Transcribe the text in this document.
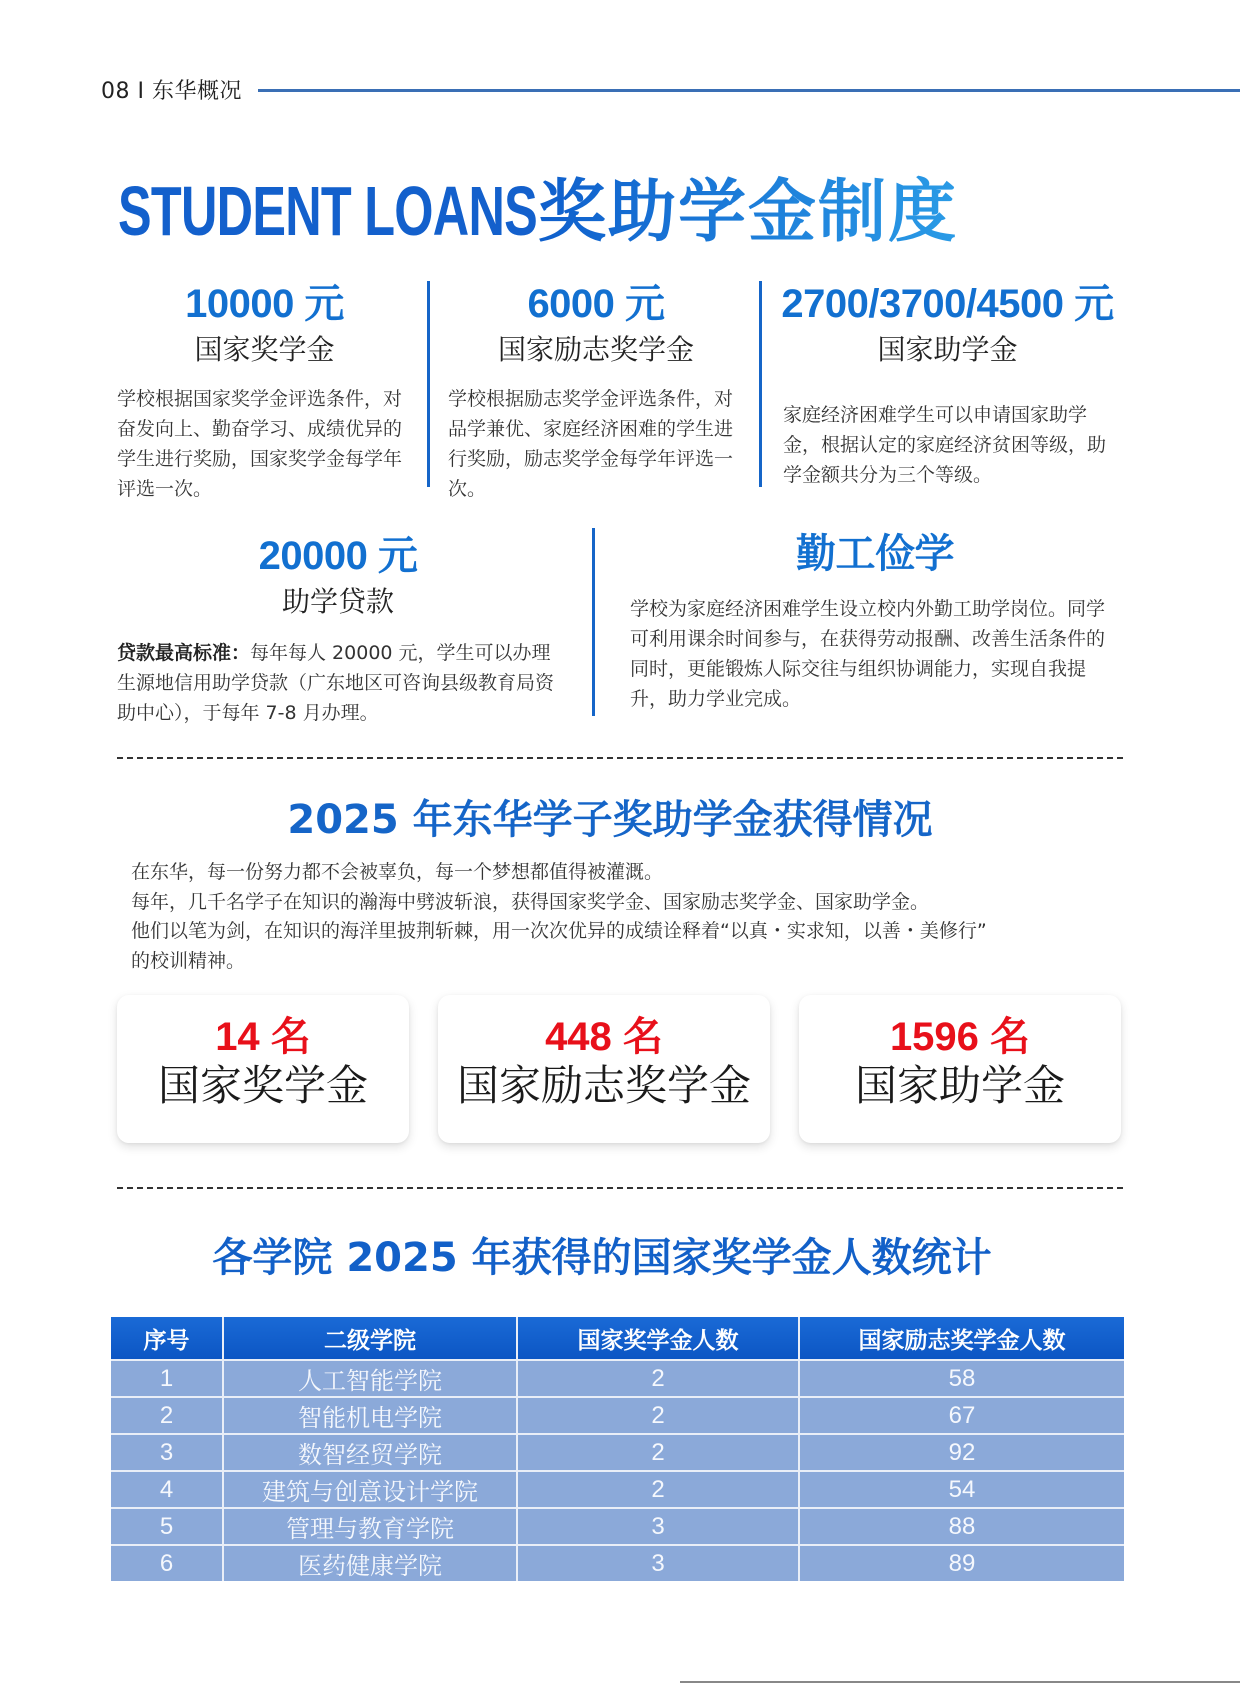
08 I 东华概况
STUDENT LOANS 奖助学金制度
10000 元
国家奖学金
学校根据国家奖学金评选条件，对奋发向上、勤奋学习、成绩优异的学生进行奖励，国家奖学金每学年评选一次。
6000 元
国家励志奖学金
学校根据励志奖学金评选条件，对品学兼优、家庭经济困难的学生进行奖励，励志奖学金每学年评选一次。
2700/3700/4500 元
国家助学金
家庭经济困难学生可以申请国家助学金，根据认定的家庭经济贫困等级，助学金额共分为三个等级。
20000 元
助学贷款
贷款最高标准：每年每人 20000 元，学生可以办理生源地信用助学贷款（广东地区可咨询县级教育局资助中心），于每年 7-8 月办理。
勤工俭学
学校为家庭经济困难学生设立校内外勤工助学岗位。同学可利用课余时间参与，在获得劳动报酬、改善生活条件的同时，更能锻炼人际交往与组织协调能力，实现自我提升，助力学业完成。
2025 年东华学子奖助学金获得情况
在东华，每一份努力都不会被辜负，每一个梦想都值得被灌溉。
每年，几千名学子在知识的瀚海中劈波斩浪，获得国家奖学金、国家励志奖学金、国家助学金。
他们以笔为剑，在知识的海洋里披荆斩棘，用一次次优异的成绩诠释着“以真・实求知，以善・美修行”
的校训精神。
14 名
国家奖学金
448 名
国家励志奖学金
1596 名
国家助学金
各学院 2025 年获得的国家奖学金人数统计
序号	二级学院	国家奖学金人数	国家励志奖学金人数
1	人工智能学院	2	58
2	智能机电学院	2	67
3	数智经贸学院	2	92
4	建筑与创意设计学院	2	54
5	管理与教育学院	3	88
6	医药健康学院	3	89
